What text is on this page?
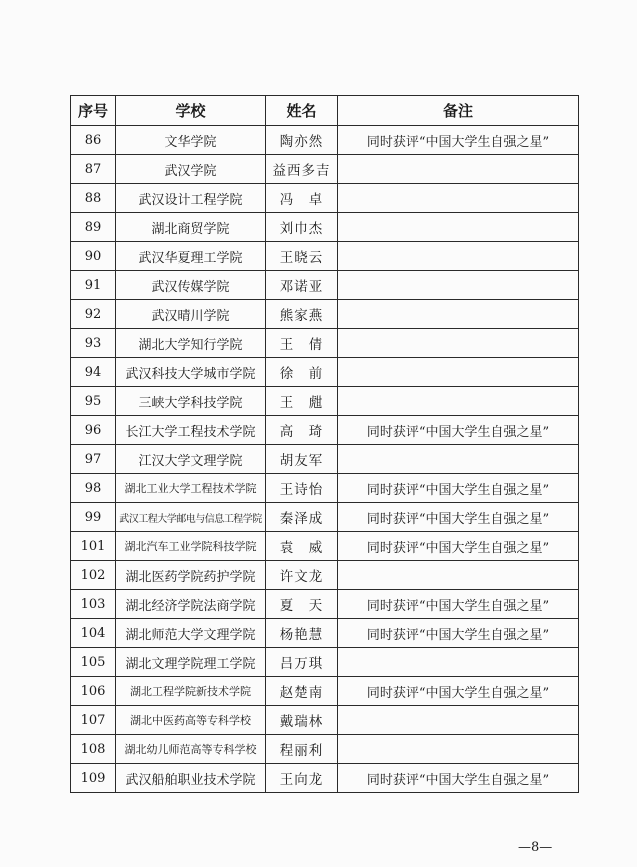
序号	学校	姓名	备注
86	文华学院	陶亦然	同时获评“中国大学生自强之星”
87	武汉学院	益西多吉	
88	武汉设计工程学院	冯　卓	
89	湖北商贸学院	刘巾杰	
90	武汉华夏理工学院	王晓云	
91	武汉传媒学院	邓诺亚	
92	武汉晴川学院	熊家燕	
93	湖北大学知行学院	王　倩	
94	武汉科技大学城市学院	徐　前	
95	三峡大学科技学院	王　甝	
96	长江大学工程技术学院	高　琦	同时获评“中国大学生自强之星”
97	江汉大学文理学院	胡友军	
98	湖北工业大学工程技术学院	王诗怡	同时获评“中国大学生自强之星”
99	武汉工程大学邮电与信息工程学院	秦泽成	同时获评“中国大学生自强之星”
101	湖北汽车工业学院科技学院	袁　威	同时获评“中国大学生自强之星”
102	湖北医药学院药护学院	许文龙	
103	湖北经济学院法商学院	夏　天	同时获评“中国大学生自强之星”
104	湖北师范大学文理学院	杨艳慧	同时获评“中国大学生自强之星”
105	湖北文理学院理工学院	吕万琪	
106	湖北工程学院新技术学院	赵楚南	同时获评“中国大学生自强之星”
107	湖北中医药高等专科学校	戴瑞林	
108	湖北幼儿师范高等专科学校	程丽利	
109	武汉船舶职业技术学院	王向龙	同时获评“中国大学生自强之星”
—8—
